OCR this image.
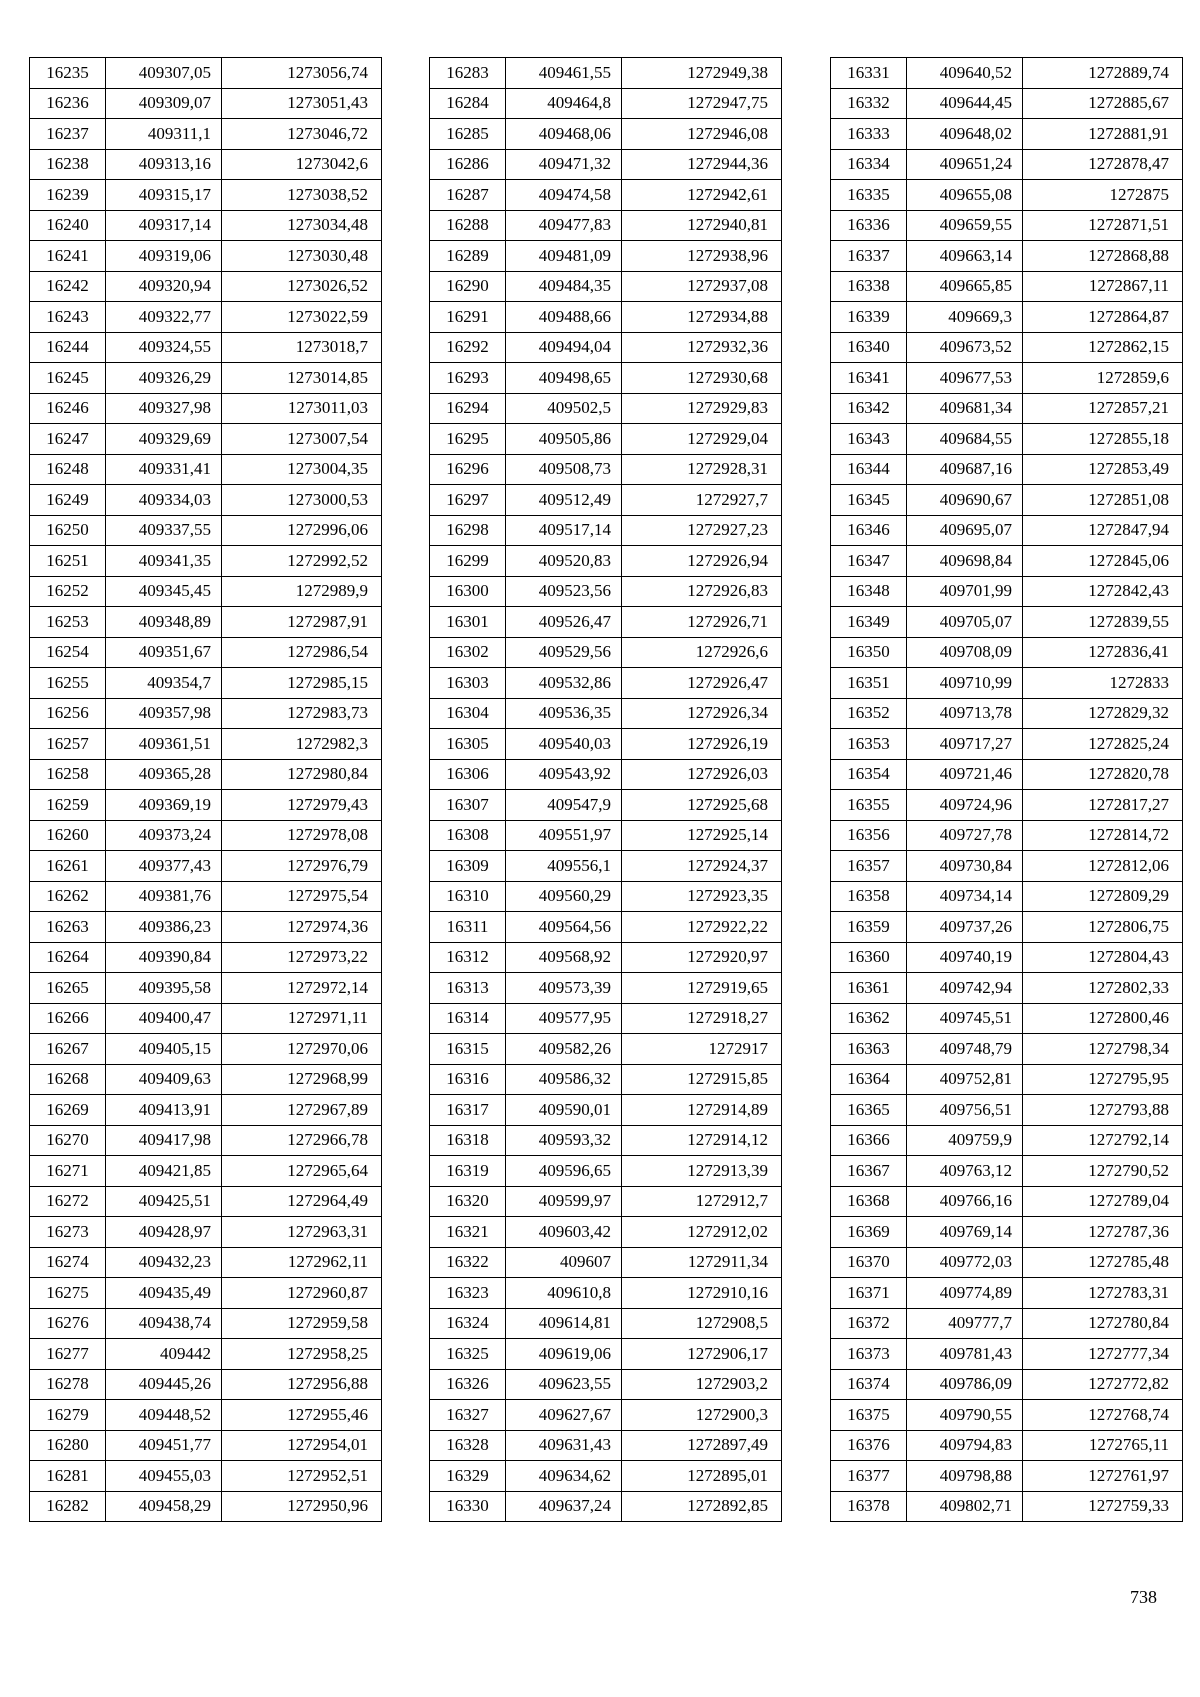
16235	409307,05	1273056,74
16236	409309,07	1273051,43
16237	409311,1	1273046,72
16238	409313,16	1273042,6
16239	409315,17	1273038,52
16240	409317,14	1273034,48
16241	409319,06	1273030,48
16242	409320,94	1273026,52
16243	409322,77	1273022,59
16244	409324,55	1273018,7
16245	409326,29	1273014,85
16246	409327,98	1273011,03
16247	409329,69	1273007,54
16248	409331,41	1273004,35
16249	409334,03	1273000,53
16250	409337,55	1272996,06
16251	409341,35	1272992,52
16252	409345,45	1272989,9
16253	409348,89	1272987,91
16254	409351,67	1272986,54
16255	409354,7	1272985,15
16256	409357,98	1272983,73
16257	409361,51	1272982,3
16258	409365,28	1272980,84
16259	409369,19	1272979,43
16260	409373,24	1272978,08
16261	409377,43	1272976,79
16262	409381,76	1272975,54
16263	409386,23	1272974,36
16264	409390,84	1272973,22
16265	409395,58	1272972,14
16266	409400,47	1272971,11
16267	409405,15	1272970,06
16268	409409,63	1272968,99
16269	409413,91	1272967,89
16270	409417,98	1272966,78
16271	409421,85	1272965,64
16272	409425,51	1272964,49
16273	409428,97	1272963,31
16274	409432,23	1272962,11
16275	409435,49	1272960,87
16276	409438,74	1272959,58
16277	409442	1272958,25
16278	409445,26	1272956,88
16279	409448,52	1272955,46
16280	409451,77	1272954,01
16281	409455,03	1272952,51
16282	409458,29	1272950,96
16283	409461,55	1272949,38
16284	409464,8	1272947,75
16285	409468,06	1272946,08
16286	409471,32	1272944,36
16287	409474,58	1272942,61
16288	409477,83	1272940,81
16289	409481,09	1272938,96
16290	409484,35	1272937,08
16291	409488,66	1272934,88
16292	409494,04	1272932,36
16293	409498,65	1272930,68
16294	409502,5	1272929,83
16295	409505,86	1272929,04
16296	409508,73	1272928,31
16297	409512,49	1272927,7
16298	409517,14	1272927,23
16299	409520,83	1272926,94
16300	409523,56	1272926,83
16301	409526,47	1272926,71
16302	409529,56	1272926,6
16303	409532,86	1272926,47
16304	409536,35	1272926,34
16305	409540,03	1272926,19
16306	409543,92	1272926,03
16307	409547,9	1272925,68
16308	409551,97	1272925,14
16309	409556,1	1272924,37
16310	409560,29	1272923,35
16311	409564,56	1272922,22
16312	409568,92	1272920,97
16313	409573,39	1272919,65
16314	409577,95	1272918,27
16315	409582,26	1272917
16316	409586,32	1272915,85
16317	409590,01	1272914,89
16318	409593,32	1272914,12
16319	409596,65	1272913,39
16320	409599,97	1272912,7
16321	409603,42	1272912,02
16322	409607	1272911,34
16323	409610,8	1272910,16
16324	409614,81	1272908,5
16325	409619,06	1272906,17
16326	409623,55	1272903,2
16327	409627,67	1272900,3
16328	409631,43	1272897,49
16329	409634,62	1272895,01
16330	409637,24	1272892,85
16331	409640,52	1272889,74
16332	409644,45	1272885,67
16333	409648,02	1272881,91
16334	409651,24	1272878,47
16335	409655,08	1272875
16336	409659,55	1272871,51
16337	409663,14	1272868,88
16338	409665,85	1272867,11
16339	409669,3	1272864,87
16340	409673,52	1272862,15
16341	409677,53	1272859,6
16342	409681,34	1272857,21
16343	409684,55	1272855,18
16344	409687,16	1272853,49
16345	409690,67	1272851,08
16346	409695,07	1272847,94
16347	409698,84	1272845,06
16348	409701,99	1272842,43
16349	409705,07	1272839,55
16350	409708,09	1272836,41
16351	409710,99	1272833
16352	409713,78	1272829,32
16353	409717,27	1272825,24
16354	409721,46	1272820,78
16355	409724,96	1272817,27
16356	409727,78	1272814,72
16357	409730,84	1272812,06
16358	409734,14	1272809,29
16359	409737,26	1272806,75
16360	409740,19	1272804,43
16361	409742,94	1272802,33
16362	409745,51	1272800,46
16363	409748,79	1272798,34
16364	409752,81	1272795,95
16365	409756,51	1272793,88
16366	409759,9	1272792,14
16367	409763,12	1272790,52
16368	409766,16	1272789,04
16369	409769,14	1272787,36
16370	409772,03	1272785,48
16371	409774,89	1272783,31
16372	409777,7	1272780,84
16373	409781,43	1272777,34
16374	409786,09	1272772,82
16375	409790,55	1272768,74
16376	409794,83	1272765,11
16377	409798,88	1272761,97
16378	409802,71	1272759,33
738
